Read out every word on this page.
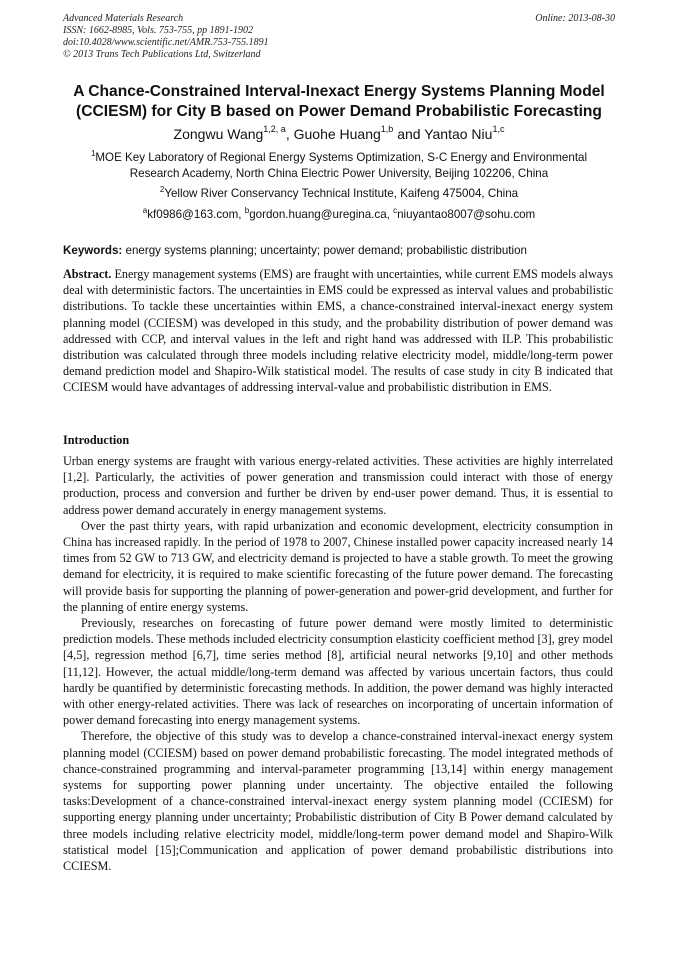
Advanced Materials Research
ISSN: 1662-8985, Vols. 753-755, pp 1891-1902
doi:10.4028/www.scientific.net/AMR.753-755.1891
© 2013 Trans Tech Publications Ltd, Switzerland
Online: 2013-08-30
A Chance-Constrained Interval-Inexact Energy Systems Planning Model
(CCIESM) for City B based on Power Demand Probabilistic Forecasting
Zongwu Wang$^{1,2, a}$, Guohe Huang$^{1,b}$ and Yantao Niu$^{1,c}$
$^1$MOE Key Laboratory of Regional Energy Systems Optimization, S-C Energy and Environmental
Research Academy, North China Electric Power University, Beijing 102206, China
$^2$Yellow River Conservancy Technical Institute, Kaifeng 475004, China
$^a$kf0986@163.com, $^b$gordon.huang@uregina.ca, $^c$niuyantao8007@sohu.com
Keywords: energy systems planning; uncertainty; power demand; probabilistic distribution
Abstract. Energy management systems (EMS) are fraught with uncertainties, while current EMS models always deal with deterministic factors. The uncertainties in EMS could be expressed as interval values and probabilistic distributions. To tackle these uncertainties within EMS, a chance-constrained interval-inexact energy system planning model (CCIESM) was developed in this study, and the probability distribution of power demand was addressed with CCP, and interval values in the left and right hand was addressed with ILP. This probabilistic distribution was calculated through three models including relative electricity model, middle/long-term power demand prediction model and Shapiro-Wilk statistical model. The results of case study in city B indicated that CCIESM would have advantages of addressing interval-value and probabilistic distribution in EMS.
Introduction

Urban energy systems are fraught with various energy-related activities. These activities are highly interrelated [1,2]. Particularly, the activities of power generation and transmission could interact with those of energy production, process and conversion and further be driven by end-user power demand. Thus, it is essential to address power demand accurately in energy management systems.

Over the past thirty years, with rapid urbanization and economic development, electricity consumption in China has increased rapidly. In the period of 1978 to 2007, Chinese installed power capacity increased nearly 14 times from 52 GW to 713 GW, and electricity demand is projected to have a stable growth. To meet the growing demand for electricity, it is required to make scientific forecasting of the future power demand. The forecasting will provide basis for supporting the planning of power-generation and power-grid development, and further for the planning of entire energy systems.

Previously, researches on forecasting of future power demand were mostly limited to deterministic prediction models. These methods included electricity consumption elasticity coefficient method [3], grey model [4,5], regression method [6,7], time series method [8], artificial neural networks [9,10] and other methods [11,12]. However, the actual middle/long-term demand was affected by various uncertain factors, thus could hardly be quantified by deterministic forecasting methods. In addition, the power demand was highly interacted with other energy-related activities. There was lack of researches on incorporating of uncertain information of power demand forecasting into energy management systems.

Therefore, the objective of this study was to develop a chance-constrained interval-inexact energy system planning model (CCIESM) based on power demand probabilistic forecasting. The model integrated methods of chance-constrained programming and interval-parameter programming [13,14] within energy management systems for supporting power planning under uncertainty. The objective entailed the following tasks:Development of a chance-constrained interval-inexact energy system planning model (CCIESM) for supporting energy planning under uncertainty; Probabilistic distribution of City B Power demand calculated by three models including relative electricity model, middle/long-term power demand model and Shapiro-Wilk statistical model [15];Communication and application of power demand probabilistic distributions into CCIESM.
